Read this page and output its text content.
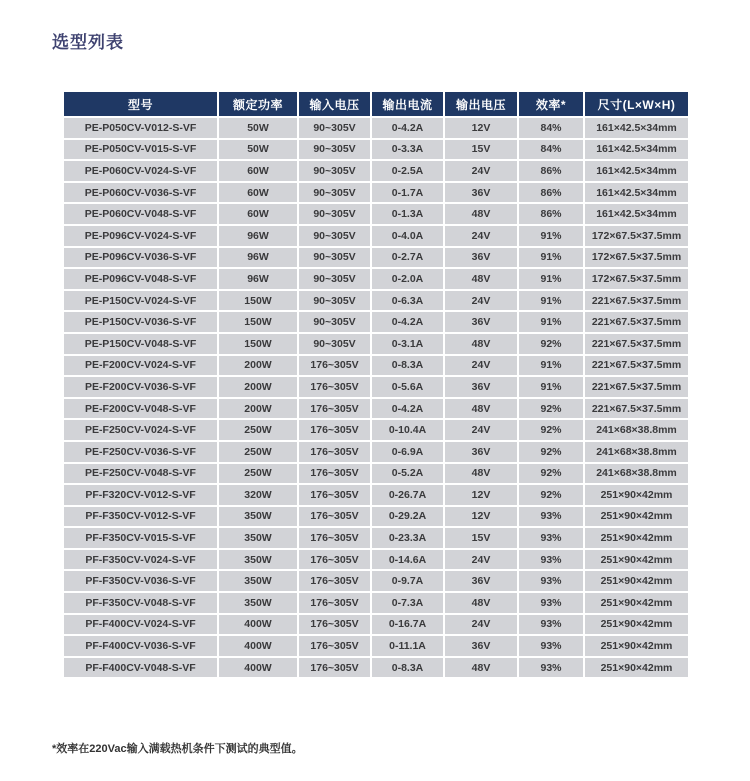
选型列表
型号	额定功率	输入电压	输出电流	输出电压	效率*	尺寸(L×W×H)
PE-P050CV-V012-S-VF	50W	90~305V	0-4.2A	12V	84%	161×42.5×34mm
PE-P050CV-V015-S-VF	50W	90~305V	0-3.3A	15V	84%	161×42.5×34mm
PE-P060CV-V024-S-VF	60W	90~305V	0-2.5A	24V	86%	161×42.5×34mm
PE-P060CV-V036-S-VF	60W	90~305V	0-1.7A	36V	86%	161×42.5×34mm
PE-P060CV-V048-S-VF	60W	90~305V	0-1.3A	48V	86%	161×42.5×34mm
PE-P096CV-V024-S-VF	96W	90~305V	0-4.0A	24V	91%	172×67.5×37.5mm
PE-P096CV-V036-S-VF	96W	90~305V	0-2.7A	36V	91%	172×67.5×37.5mm
PE-P096CV-V048-S-VF	96W	90~305V	0-2.0A	48V	91%	172×67.5×37.5mm
PE-P150CV-V024-S-VF	150W	90~305V	0-6.3A	24V	91%	221×67.5×37.5mm
PE-P150CV-V036-S-VF	150W	90~305V	0-4.2A	36V	91%	221×67.5×37.5mm
PE-P150CV-V048-S-VF	150W	90~305V	0-3.1A	48V	92%	221×67.5×37.5mm
PE-F200CV-V024-S-VF	200W	176~305V	0-8.3A	24V	91%	221×67.5×37.5mm
PE-F200CV-V036-S-VF	200W	176~305V	0-5.6A	36V	91%	221×67.5×37.5mm
PE-F200CV-V048-S-VF	200W	176~305V	0-4.2A	48V	92%	221×67.5×37.5mm
PE-F250CV-V024-S-VF	250W	176~305V	0-10.4A	24V	92%	241×68×38.8mm
PE-F250CV-V036-S-VF	250W	176~305V	0-6.9A	36V	92%	241×68×38.8mm
PE-F250CV-V048-S-VF	250W	176~305V	0-5.2A	48V	92%	241×68×38.8mm
PF-F320CV-V012-S-VF	320W	176~305V	0-26.7A	12V	92%	251×90×42mm
PF-F350CV-V012-S-VF	350W	176~305V	0-29.2A	12V	93%	251×90×42mm
PF-F350CV-V015-S-VF	350W	176~305V	0-23.3A	15V	93%	251×90×42mm
PF-F350CV-V024-S-VF	350W	176~305V	0-14.6A	24V	93%	251×90×42mm
PF-F350CV-V036-S-VF	350W	176~305V	0-9.7A	36V	93%	251×90×42mm
PF-F350CV-V048-S-VF	350W	176~305V	0-7.3A	48V	93%	251×90×42mm
PF-F400CV-V024-S-VF	400W	176~305V	0-16.7A	24V	93%	251×90×42mm
PF-F400CV-V036-S-VF	400W	176~305V	0-11.1A	36V	93%	251×90×42mm
PF-F400CV-V048-S-VF	400W	176~305V	0-8.3A	48V	93%	251×90×42mm
*效率在220Vac输入满载热机条件下测试的典型值。
